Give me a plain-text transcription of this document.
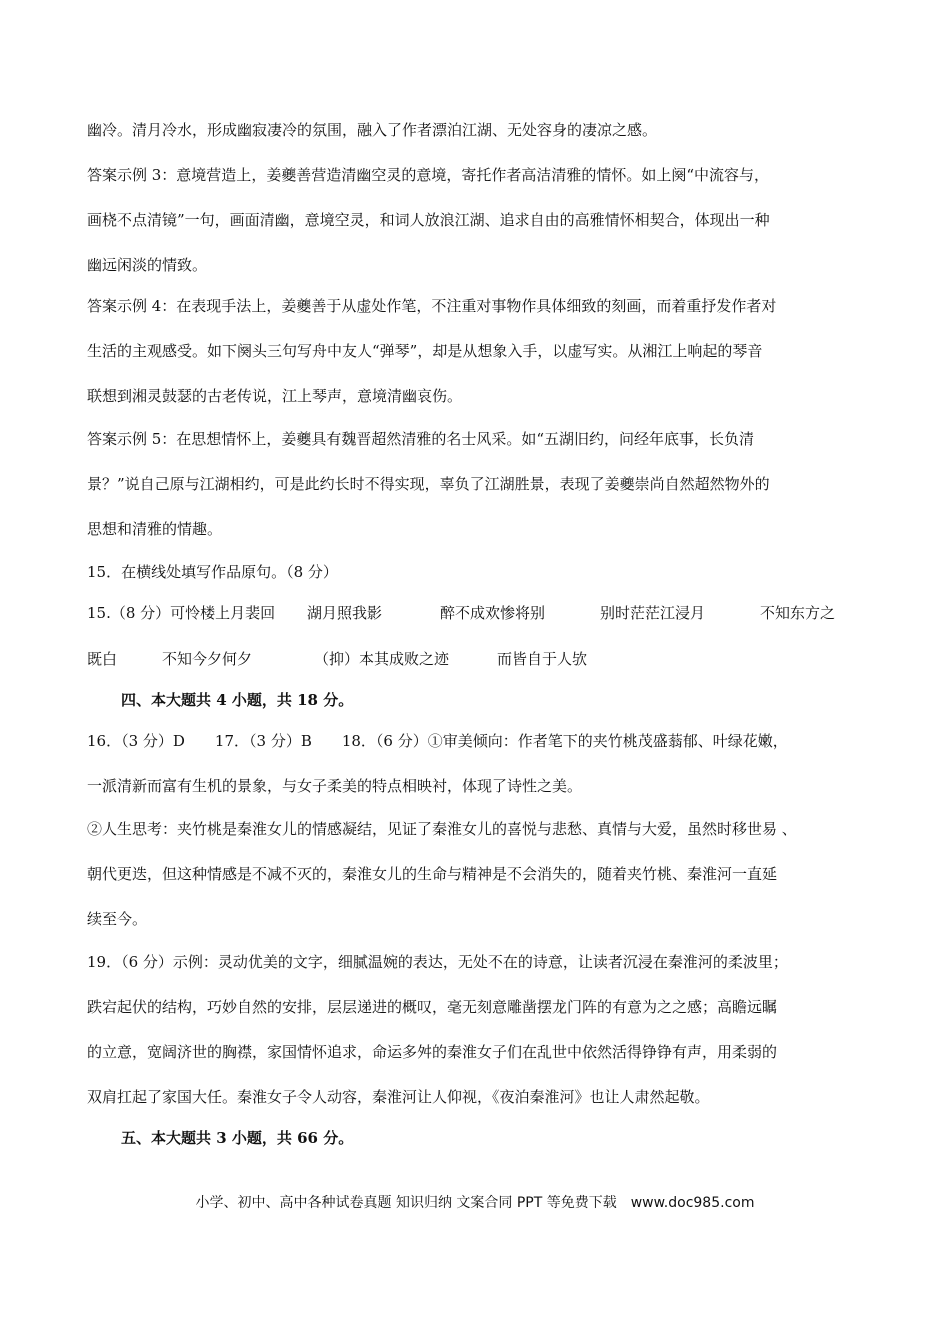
幽冷。清月冷水，形成幽寂凄冷的氛围，融入了作者漂泊江湖、无处容身的凄凉之感。
答案示例 3：意境营造上，姜夔善营造清幽空灵的意境，寄托作者高洁清雅的情怀。如上阕“中流容与，
画桡不点清镜”一句，画面清幽，意境空灵，和词人放浪江湖、追求自由的高雅情怀相契合，体现出一种
幽远闲淡的情致。
答案示例 4：在表现手法上，姜夔善于从虚处作笔，不注重对事物作具体细致的刻画，而着重抒发作者对
生活的主观感受。如下阕头三句写舟中友人“弹琴”，却是从想象入手，以虚写实。从湘江上响起的琴音
联想到湘灵鼓瑟的古老传说，江上琴声，意境清幽哀伤。
答案示例 5：在思想情怀上，姜夔具有魏晋超然清雅的名士风采。如“五湖旧约，问经年底事，长负清
景？”说自己原与江湖相约，可是此约长时不得实现，辜负了江湖胜景，表现了姜夔崇尚自然超然物外的
思想和清雅的情趣。
15．在横线处填写作品原句。（8 分）
15.（8 分）可怜楼上月裴回	湖月照我影	醉不成欢惨将别	别时茫茫江浸月	不知东方之
既白	不知今夕何夕	（抑）本其成败之迹	而皆自于人欤
四、本大题共 4 小题，共 18 分。
16．（3 分）D　　17．（3 分）B　　18．（6 分）①审美倾向：作者笔下的夹竹桃茂盛蓊郁、叶绿花嫩，
一派清新而富有生机的景象，与女子柔美的特点相映衬，体现了诗性之美。
②人生思考：夹竹桃是秦淮女儿的情感凝结，见证了秦淮女儿的喜悦与悲愁、真情与大爱，虽然时移世易 、
朝代更迭，但这种情感是不减不灭的，秦淮女儿的生命与精神是不会消失的，随着夹竹桃、秦淮河一直延
续至今。
19．（6 分）示例：灵动优美的文字，细腻温婉的表达，无处不在的诗意，让读者沉浸在秦淮河的柔波里；
跌宕起伏的结构，巧妙自然的安排，层层递进的概叹，毫无刻意雕凿摆龙门阵的有意为之之感；高瞻远瞩
的立意，宽阔济世的胸襟，家国情怀追求，命运多舛的秦淮女子们在乱世中依然活得铮铮有声，用柔弱的
双肩扛起了家国大任。秦淮女子令人动容，秦淮河让人仰视，《夜泊秦淮河》也让人肃然起敬。
五、本大题共 3 小题，共 66 分。
小学、初中、高中各种试卷真题 知识归纳 文案合同 PPT 等免费下载　www.doc985.com
